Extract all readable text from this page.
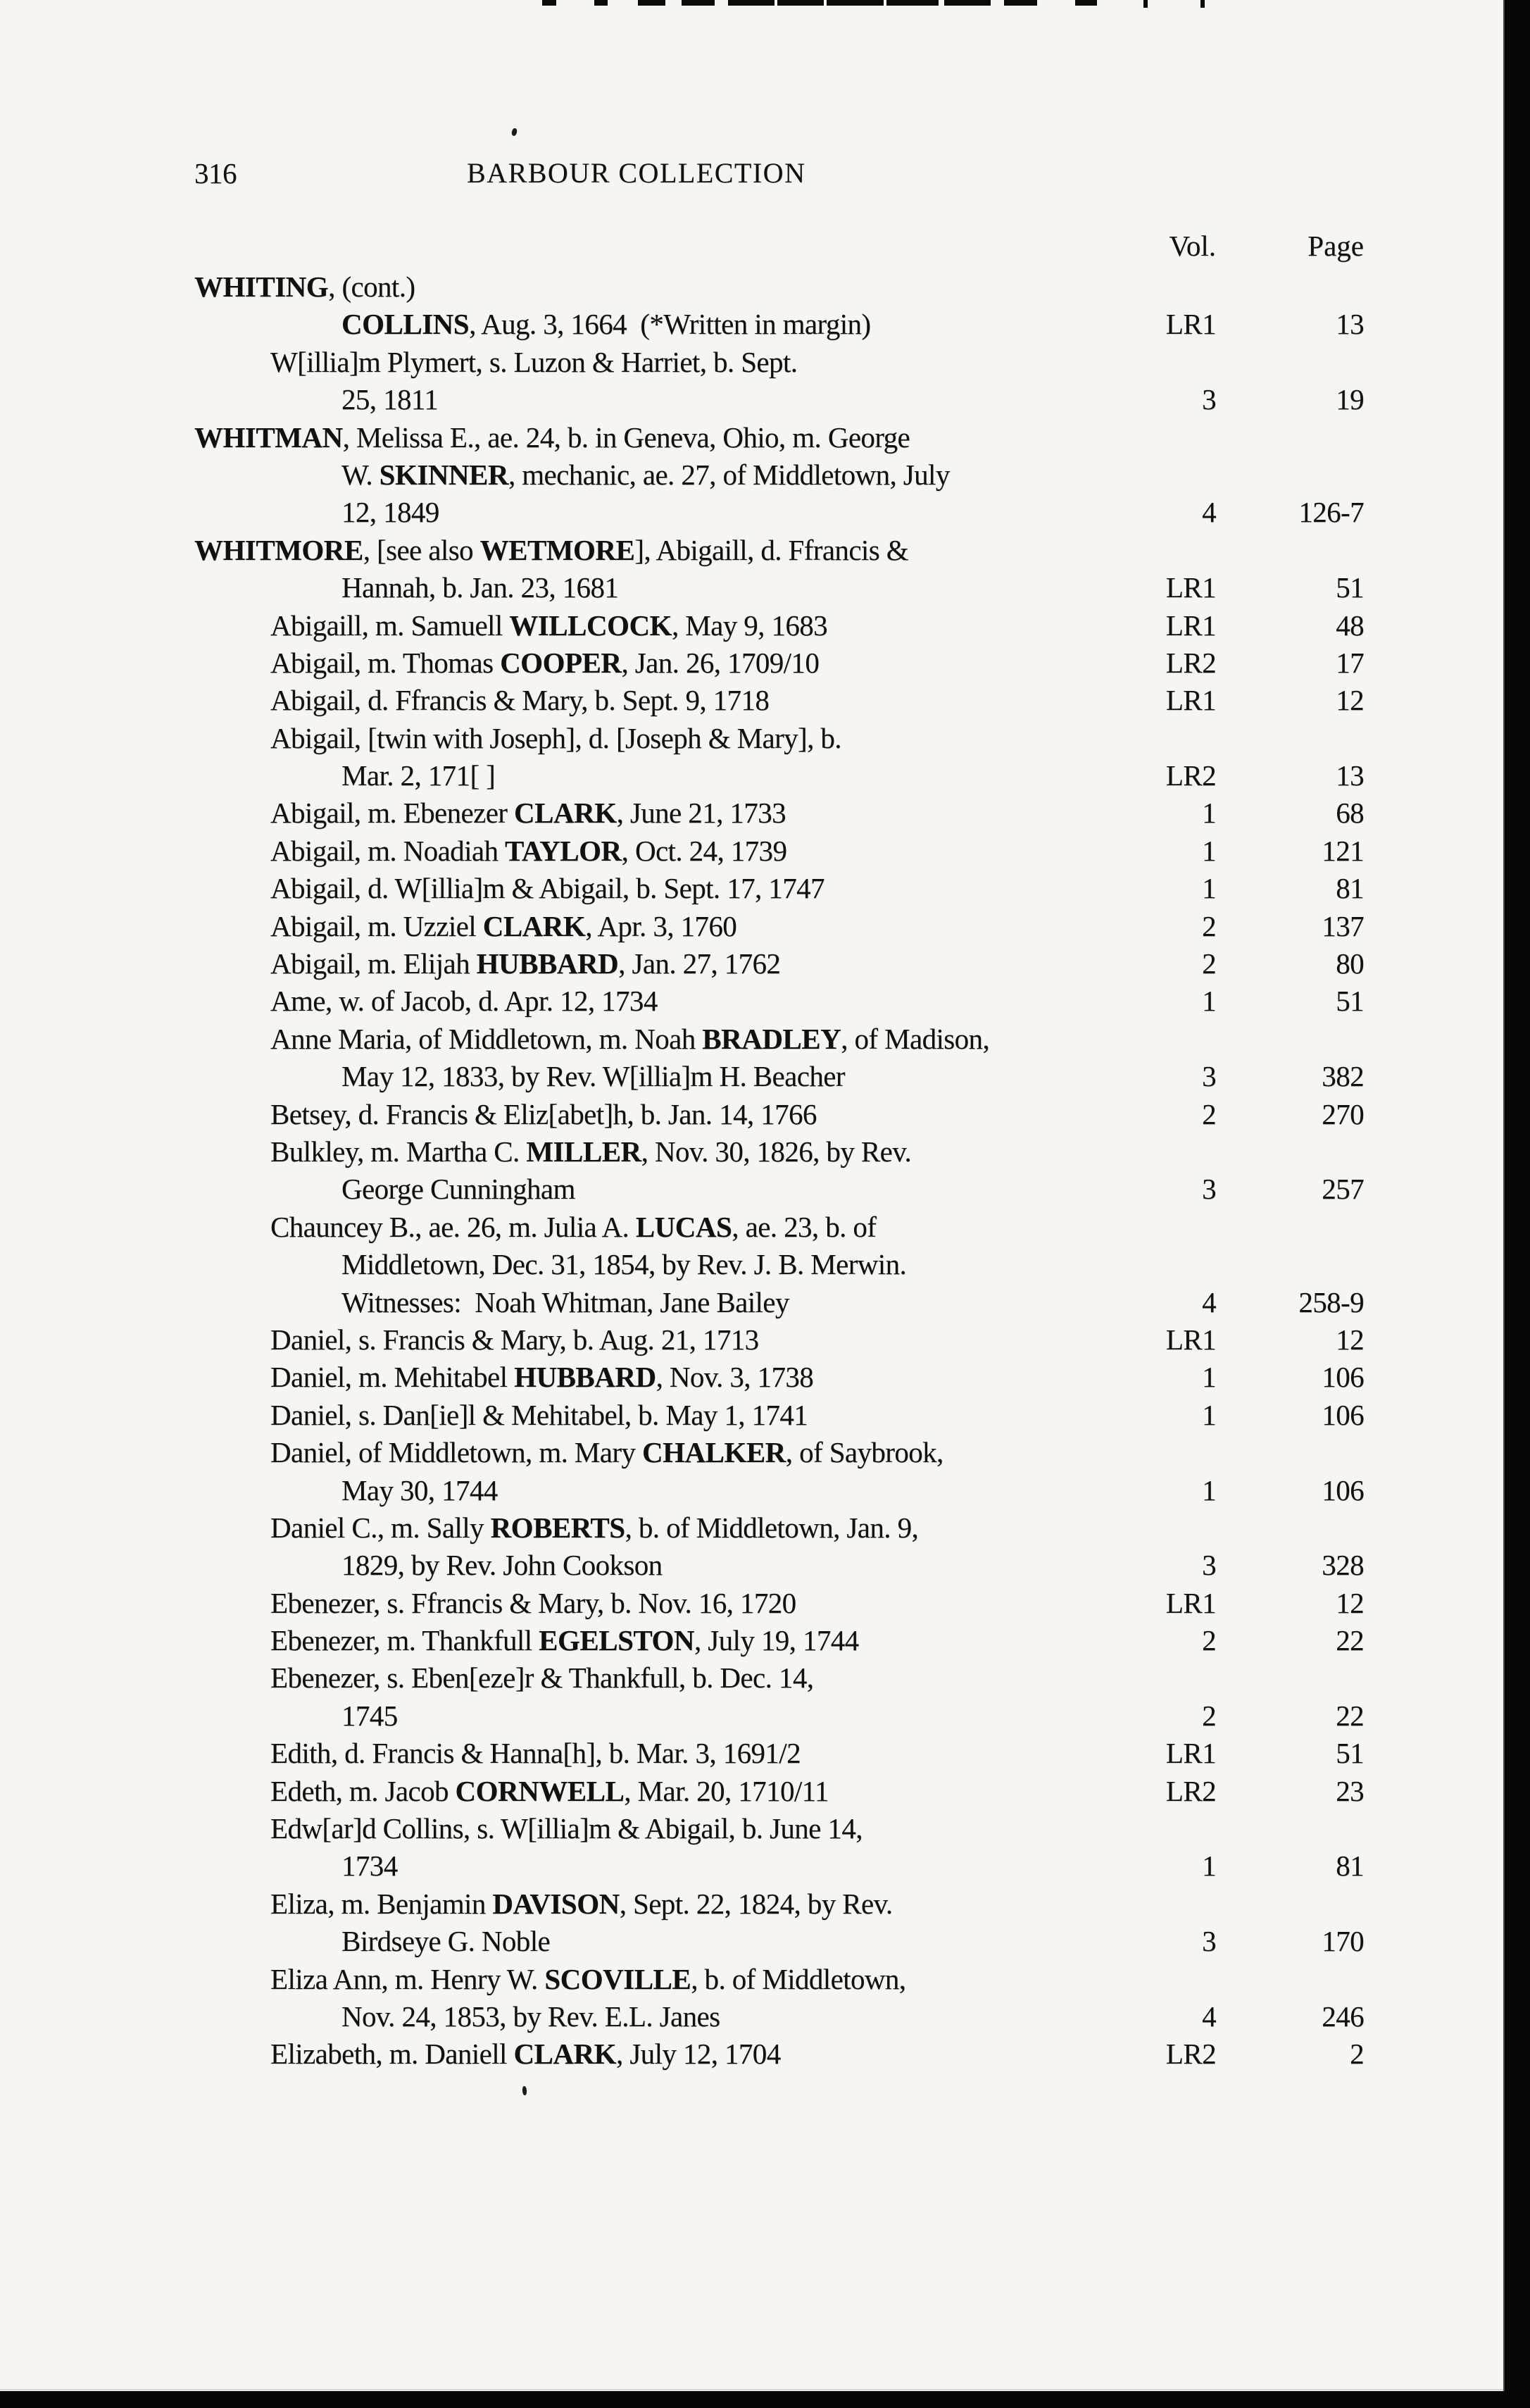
316	BARBOUR COLLECTION
Vol.	Page
WHITING, (cont.)
COLLINS, Aug. 3, 1664  (*Written in margin)	LR1	13
W[illia]m Plymert, s. Luzon & Harriet, b. Sept.
25, 1811	3	19
WHITMAN, Melissa E., ae. 24, b. in Geneva, Ohio, m. George
W. SKINNER, mechanic, ae. 27, of Middletown, July
12, 1849	4	126-7
WHITMORE, [see also WETMORE], Abigaill, d. Ffrancis &
Hannah, b. Jan. 23, 1681	LR1	51
Abigaill, m. Samuell WILLCOCK, May 9, 1683	LR1	48
Abigail, m. Thomas COOPER, Jan. 26, 1709/10	LR2	17
Abigail, d. Ffrancis & Mary, b. Sept. 9, 1718	LR1	12
Abigail, [twin with Joseph], d. [Joseph & Mary], b.
Mar. 2, 171[ ]	LR2	13
Abigail, m. Ebenezer CLARK, June 21, 1733	1	68
Abigail, m. Noadiah TAYLOR, Oct. 24, 1739	1	121
Abigail, d. W[illia]m & Abigail, b. Sept. 17, 1747	1	81
Abigail, m. Uzziel CLARK, Apr. 3, 1760	2	137
Abigail, m. Elijah HUBBARD, Jan. 27, 1762	2	80
Ame, w. of Jacob, d. Apr. 12, 1734	1	51
Anne Maria, of Middletown, m. Noah BRADLEY, of Madison,
May 12, 1833, by Rev. W[illia]m H. Beacher	3	382
Betsey, d. Francis & Eliz[abet]h, b. Jan. 14, 1766	2	270
Bulkley, m. Martha C. MILLER, Nov. 30, 1826, by Rev.
George Cunningham	3	257
Chauncey B., ae. 26, m. Julia A. LUCAS, ae. 23, b. of
Middletown, Dec. 31, 1854, by Rev. J. B. Merwin.
Witnesses:  Noah Whitman, Jane Bailey	4	258-9
Daniel, s. Francis & Mary, b. Aug. 21, 1713	LR1	12
Daniel, m. Mehitabel HUBBARD, Nov. 3, 1738	1	106
Daniel, s. Dan[ie]l & Mehitabel, b. May 1, 1741	1	106
Daniel, of Middletown, m. Mary CHALKER, of Saybrook,
May 30, 1744	1	106
Daniel C., m. Sally ROBERTS, b. of Middletown, Jan. 9,
1829, by Rev. John Cookson	3	328
Ebenezer, s. Ffrancis & Mary, b. Nov. 16, 1720	LR1	12
Ebenezer, m. Thankfull EGELSTON, July 19, 1744	2	22
Ebenezer, s. Eben[eze]r & Thankfull, b. Dec. 14,
1745	2	22
Edith, d. Francis & Hanna[h], b. Mar. 3, 1691/2	LR1	51
Edeth, m. Jacob CORNWELL, Mar. 20, 1710/11	LR2	23
Edw[ar]d Collins, s. W[illia]m & Abigail, b. June 14,
1734	1	81
Eliza, m. Benjamin DAVISON, Sept. 22, 1824, by Rev.
Birdseye G. Noble	3	170
Eliza Ann, m. Henry W. SCOVILLE, b. of Middletown,
Nov. 24, 1853, by Rev. E.L. Janes	4	246
Elizabeth, m. Daniell CLARK, July 12, 1704	LR2	2
